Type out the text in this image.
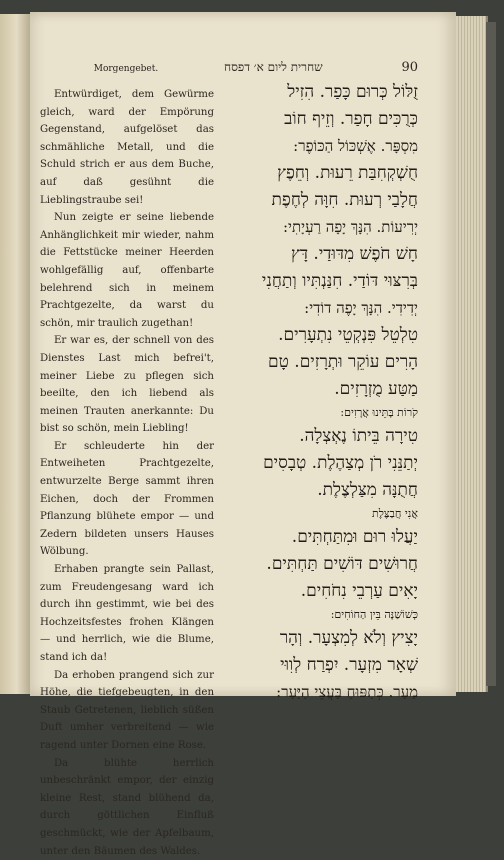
Morgengebet.

Entwürdiget, dem Gewürme gleich, ward der Empörung Gegenstand, aufgelöset das schmähliche Metall, und die Schuld strich er aus dem Buche, auf daß gesühnt die Lieblingstraube sei!

Nun zeigte er seine liebende Anhänglichkeit mir wieder, nahm die Fettstücke meiner Heerden wohlgefällig auf, offenbarte belehrend sich in meinem Prachtgezelte, da warst du schön, mir traulich zugethan!

Er war es, der schnell von des Dienstes Last mich befrei't, meiner Liebe zu pflegen sich beeilte, den ich liebend als meinen Trauten anerkannte: Du bist so schön, mein Liebling!

Er schleuderte hin der Entweiheten Prachtgezelte, entwurzelte Berge sammt ihren Eichen, doch der Frommen Pflanzung blühete empor — und Zedern bildeten unsers Hauses Wölbung.

Erhaben prangte sein Pallast, zum Freudengesang ward ich durch ihn gestimmt, wie bei des Hochzeitsfestes frohen Klängen — und herrlich, wie die Blume, stand ich da!

Da erhoben prangend sich zur Höhe, die tiefgebeugten, in den Staub Getretenen, lieblich süßen Duft umher verbreitend — wie ragend unter Dornen eine Rose.

Da blühte herrlich unbeschränkt empor, der einzig kleine Rest, stand blühend da, durch göttlichen Einfluß geschmückt, wie der Apfelbaum, unter den Bäumen des Waldes.

שחרית ליום א׳ דפסח	90
זֻלּוֹל כְּרוּם כָּפַר. הִזִיל
כְּרֻכִּים חָפַר. וְזֵיף חוֹב
מִסְפָּר. אֶשְׁכּוֹל הַכּוֹפֶר:
חֻשְׁקְחִבַּת רֵעוּת. וְחֵפֶץ
חֲלָבַי רְעוּת. חִוָּה לְחֶפֶת
יְרִיעוֹת. הִנָּךְ יָפָה רַעְיָתִי:
חָשׁ חֹפֶשׁ מִדּוּדַי. דָּץ
בְּרִצּוּי דּוֹדַי. חִנַּנְתִּיו וְתַחֲנִי
יְדִידִי. הִנָּךְ יָפֶה דוֹדִי:
טִלְטֵל פִּנְקְטֵי נִתְעָרִים.
הָרִים עוֹקֵר וּתְרָזִים. טָם
מַטַּע מֻזְרָזִים.
קֹרוֹת בָּתֵּינוּ אֲרָזִים:
טִירָה בֵּיתוֹ נֶאְצְלָה.
יְתַנֵּנִי רֹן מְצַהֶלֶת. טְבָסִים
חֲתֻנָּה מִצַּלְצֶלֶת.
אֲנִי חֲבַצֶּלֶת
יַעֲלוּ רוּם וּמִתַּחְתִּים.
חֲרוּשִׁים דּוֹשִׁים תַּחְתִּים.
יָאִים עַרְבֵי נִחֹחִים.
כְּשׁוֹשַׁנָּה בֵּין הַחוֹחִים:
יָצִיץ וְלֹא לְמִצְעָר. וְהָר
שְׁאָר מִזְעָר. יִפְרַח לְוִוּי
מַעַר. כְּתַפּוּחַ בַּעֲצֵי הַיַּעַר:
